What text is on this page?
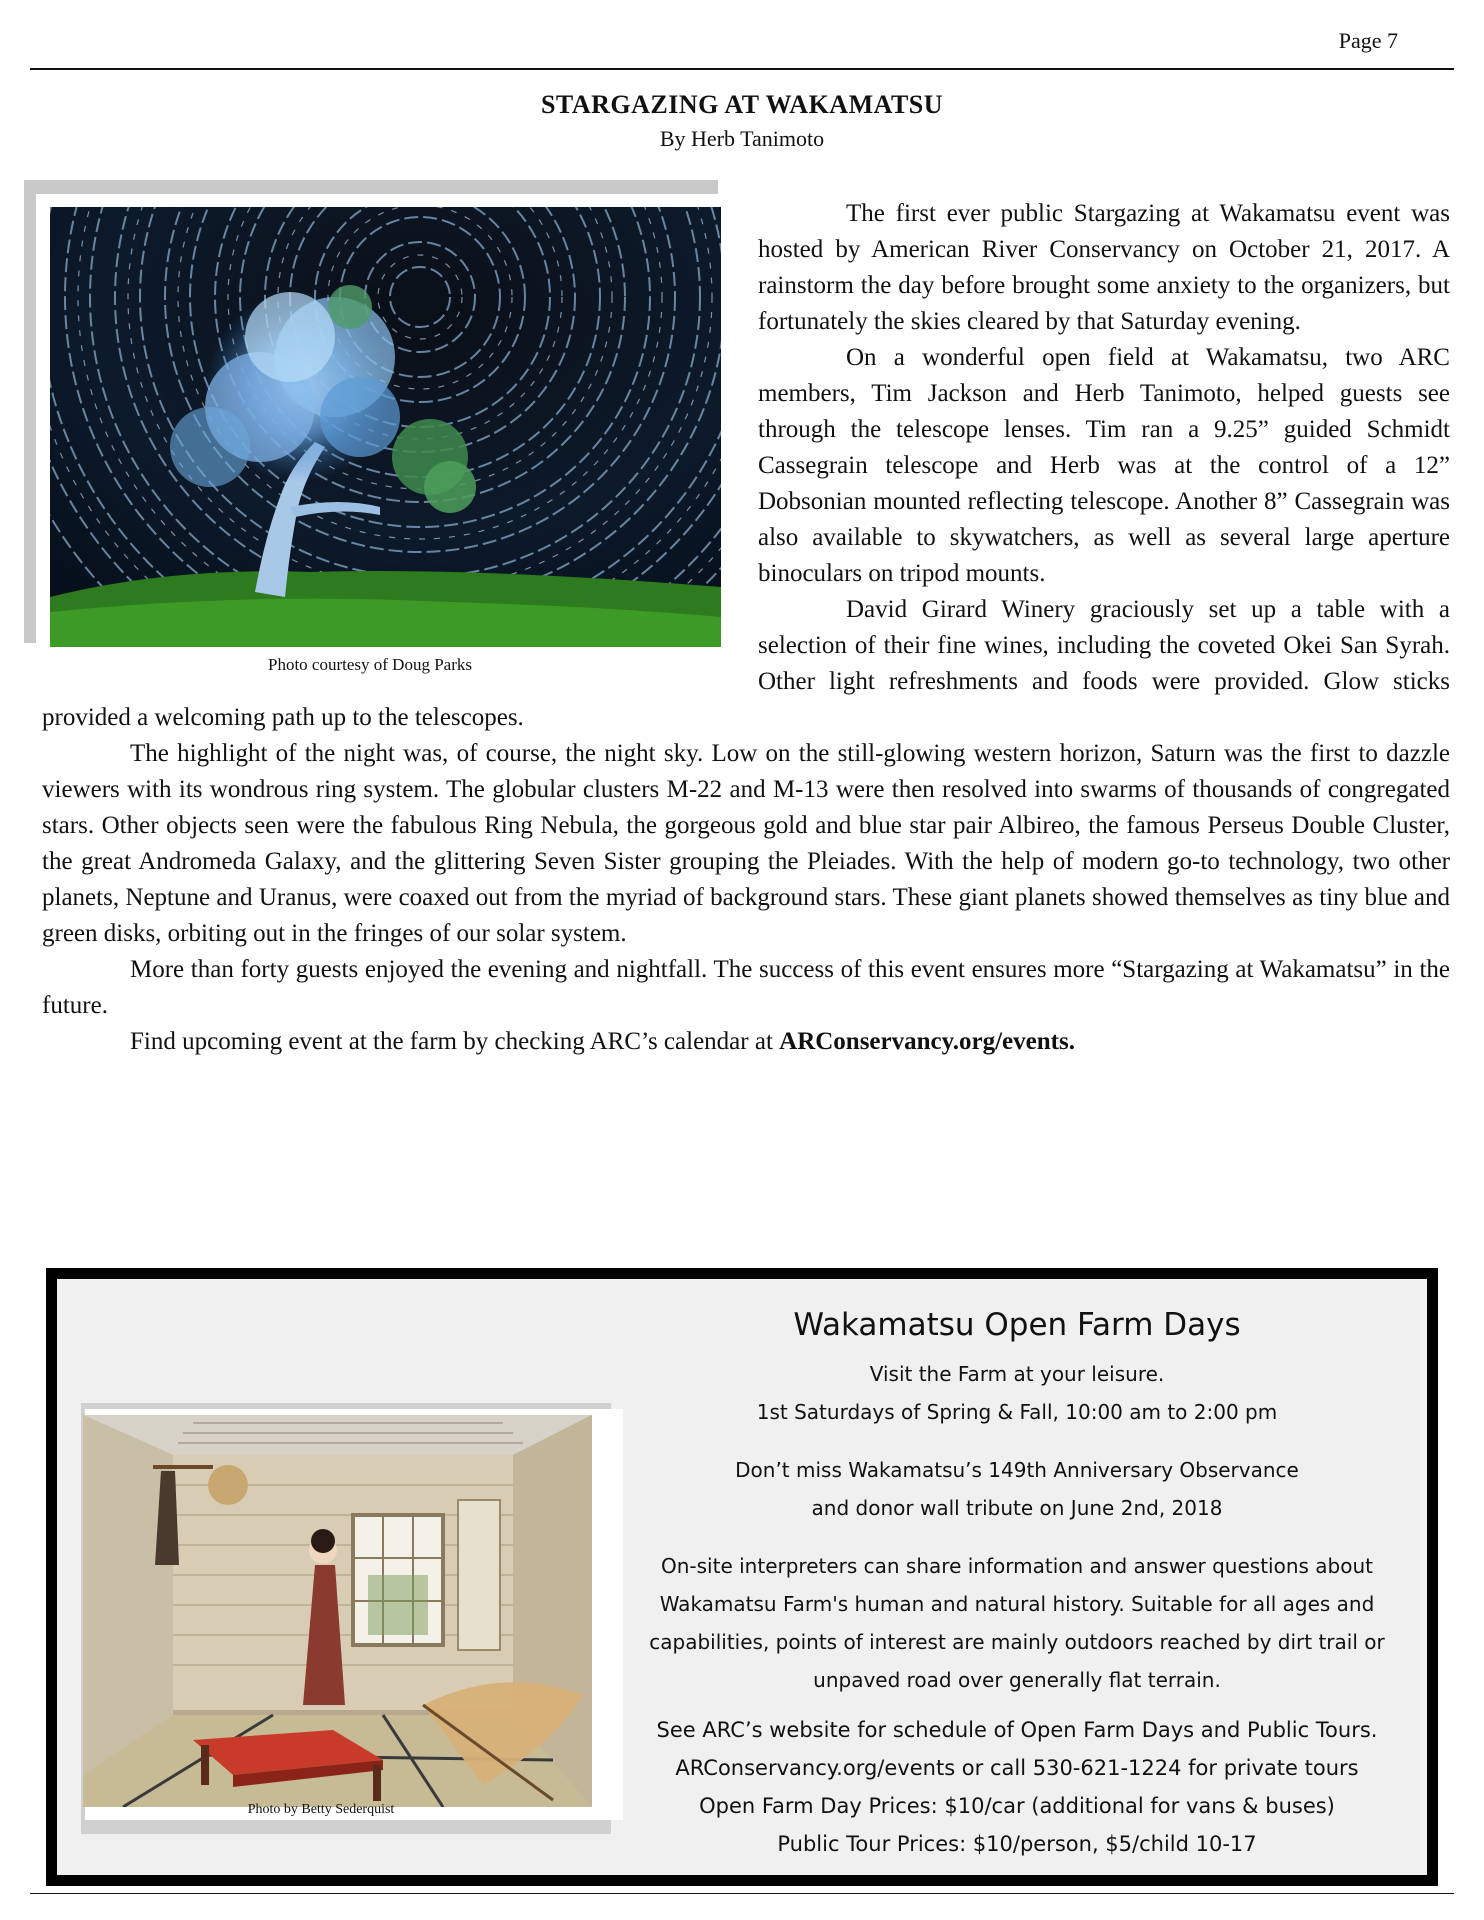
Page 7
STARGAZING AT WAKAMATSU
By Herb Tanimoto
Photo courtesy of Doug Parks

The first ever public Stargazing at Wakamatsu event was hosted by American River Conservancy on October 21, 2017. A rainstorm the day before brought some anxiety to the organizers, but fortunately the skies cleared by that Saturday evening.

On a wonderful open field at Wakamatsu, two ARC members, Tim Jackson and Herb Tanimoto, helped guests see through the telescope lenses. Tim ran a 9.25” guided Schmidt Cassegrain telescope and Herb was at the control of a 12” Dobsonian mounted reflecting telescope. Another 8” Cassegrain was also available to skywatchers, as well as several large aperture binoculars on tripod mounts.

David Girard Winery graciously set up a table with a selection of their fine wines, including the coveted Okei San Syrah. Other light refreshments and foods were provided. Glow sticks provided a welcoming path up to the telescopes.

The highlight of the night was, of course, the night sky. Low on the still-glowing western horizon, Saturn was the first to dazzle viewers with its wondrous ring system. The globular clusters M-22 and M-13 were then resolved into swarms of thousands of congregated stars. Other objects seen were the fabulous Ring Nebula, the gorgeous gold and blue star pair Albireo, the famous Perseus Double Cluster, the great Andromeda Galaxy, and the glittering Seven Sister grouping the Pleiades. With the help of modern go-to technology, two other planets, Neptune and Uranus, were coaxed out from the myriad of background stars. These giant planets showed themselves as tiny blue and green disks, orbiting out in the fringes of our solar system.

More than forty guests enjoyed the evening and nightfall. The success of this event ensures more “Stargazing at Wakamatsu” in the future.

Find upcoming event at the farm by checking ARC’s calendar at ARConservancy.org/events.

Photo by Betty Sederquist
Wakamatsu Open Farm Days
Visit the Farm at your leisure.
1st Saturdays of Spring & Fall, 10:00 am to 2:00 pm
Don’t miss Wakamatsu’s 149th Anniversary Observance
and donor wall tribute on June 2nd, 2018
On-site interpreters can share information and answer questions about
Wakamatsu Farm's human and natural history. Suitable for all ages and
capabilities, points of interest are mainly outdoors reached by dirt trail or
unpaved road over generally flat terrain.
See ARC’s website for schedule of Open Farm Days and Public Tours.
ARConservancy.org/events or call 530-621-1224 for private tours
Open Farm Day Prices: $10/car (additional for vans & buses)
Public Tour Prices: $10/person, $5/child 10-17
